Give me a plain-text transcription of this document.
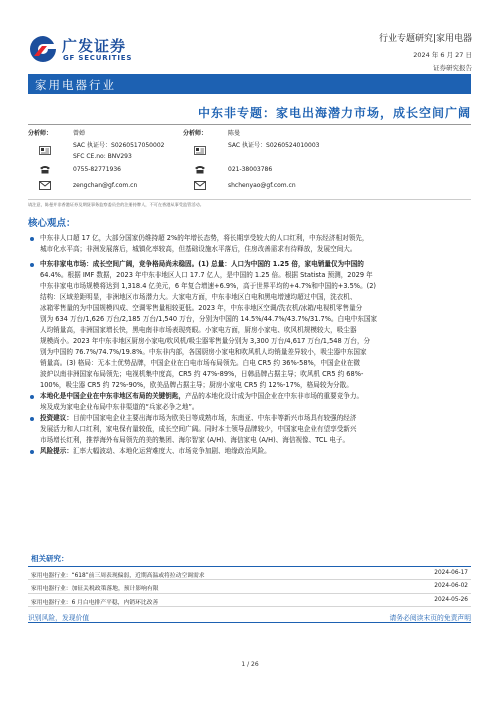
广发证券
GF SECURITIES
行业专题研究|家用电器
2024 年 6 月 27 日
证券研究报告
家用电器行业
中东非专题：家电出海潜力市场，成长空间广阔
分析师：	曾婵
SAC 执证号：S0260517050002
SFC CE.no: BNV293
0755-82771936
zengchan@gf.com.cn
分析师：	陈曼
SAC 执证号：S0260524010003
021-38003786
shchenyao@gf.com.cn
请注意，陈曼并非香港证券及期货事务监察委员会的注册持牌人，不可在香港从事受监管活动。
核心观点：
中东非人口超 17 亿，大部分国家仍维持超 2%的年增长态势，将长期享受较大的人口红利，中东经济相对领先，
城市化水平高；非洲发展落后，城镇化率较高，但基础设施水平落后，住房改善需求有待释放，发展空间大。
中东非家电市场：成长空间广阔，竞争格局尚未稳固。(1) 总量：人口为中国的 1.25 倍，家电销量仅为中国的
64.4%。根据 IMF 数据，2023 年中东非地区人口 17.7 亿人，是中国的 1.25 倍。根据 Statista 预测，2029 年
中东非家电市场规模将达到 1,318.4 亿美元，6 年复合增速+6.9%，高于世界平均的+4.7%和中国的+3.5%。(2)
结构：区域差距明显，非洲地区市场潜力大。大家电方面，中东非地区白电和黑电增速均超过中国，洗衣机、
冰箱零售量的为中国规模四成、空调零售量相较更低。2023 年，中东非地区空调/洗衣机/冰箱/电视机零售量分
别为 634 万台/1,626 万台/2,185 万台/1,540 万台，分别为中国的 14.5%/44.7%/43.7%/31.7%。白电中东国家
人均销量高，非洲国家增长快，黑电南非市场表现亮眼。小家电方面，厨房小家电、吹风机规模较大，吸尘器
规模尚小。2023 年中东非地区厨房小家电/吹风机/吸尘器零售量分别为 3,300 万台/4,617 万台/1,548 万台，分
别为中国的 76.7%/74.7%/19.8%。中东非内部，各国厨房小家电和吹风机人均销量差异较小，吸尘器中东国家
销量高。(3) 格局：无本土优势品牌，中国企业在白电市场布局领先。白电 CR5 约 36%-58%，中国企业在微
波炉以南非洲国家布局领先；电视机集中度高，CR5 约 47%-89%，日韩品牌占据主导；吹风机 CR5 约 68%-
100%，吸尘器 CR5 约 72%-90%，欧美品牌占据主导；厨房小家电 CR5 约 12%-17%，格局较为分散。
本地化是中国企业在中东非地区布局的关键钥匙，产品的本地化设计成为中国企业在中东非市场的重要竞争力。
埃及成为家电企业布局中东非渠道的“兵家必争之地”。
投资建议：目前中国家电企业主要出海市场为欧美日等成熟市场，东南亚、中东非等新兴市场具有较强的经济
发展活力和人口红利，家电保有量较低，成长空间广阔。同时本土领导品牌较少，中国家电企业有望享受新兴
市场增长红利，推荐海外布局领先的美的集团、海尔智家 (A/H)、海信家电 (A/H)、海信视像、TCL 电子。
风险提示：汇率大幅波动、本地化运营难度大、市场竞争加剧、地缘政治风险。
相关研究：
家用电器行业：“618”前三周表现偏弱，近期高温或将拉动空调需求	2024-06-17
家用电器行业：加征关税政策落地，预计影响有限	2024-06-02
家用电器行业：6 月白电排产平稳，内销环比改善	2024-05-26
识别风险，发现价值	请务必阅读末页的免责声明
1 / 26
